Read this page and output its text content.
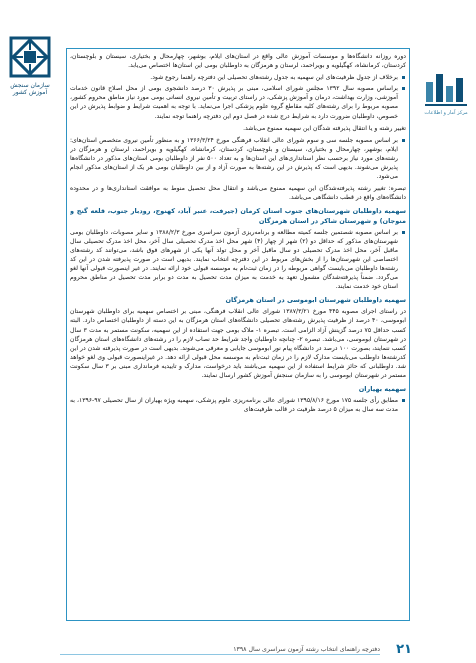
سازمان سنجش آموزش کشور
مرکز آمار و اطلاعات

دوره روزانه دانشگاه‌ها و موسسات آموزش عالی واقع در استان‌های ایلام، بوشهر، چهارمحال و بختیاری، سیستان و بلوچستان، کردستان، کرمانشاه، کهگیلویه و بویراحمد، لرستان و هرمزگان به داوطلبان بومی این استان‌ها اختصاص می‌یابد.

برخلاف از جدول ظرفیت‌های این سهمیه به جدول رشته‌های تحصیلی این دفترچه راهنما رجوع شود.
براساس مصوبه سال ۱۳۹۲ مجلس شورای اسلامی، مبنی بر پذیرش ۳۰ درصد دانشجوی بومی از محل اصلاح قانون خدمات آموزشی، وزارت بهداشت، درمان و آموزش پزشکی، در راستای تربیت و تأمین نیروی انسانی بومی مورد نیاز مناطق محروم کشور، مصوبه مربوط را برای رشته‌های کلیه مقاطع گروه علوم پزشکی اجرا می‌نماید. با توجه به اهمیت شرایط و ضوابط پذیرش در این خصوص، داوطلبان ضرورت دارد به شرایط درج شده در فصل دوم این دفترچه راهنما توجه نمایند.

تغییر رشته و یا انتقال پذیرفته شدگان این سهمیه ممنوع می‌باشد.

بر اساس مصوبه جلسه سی و سوم شورای عالی انقلاب فرهنگی مورخ ۱۳۶۶/۳/۲۴ و به منظور تأمین نیروی متخصص استان‌های: ایلام، بوشهر، چهارمحال و بختیاری، سیستان و بلوچستان، کردستان، کرمانشاه، کهگیلویه و بویراحمد، لرستان و هرمزگان در رشته‌های مورد نیاز برحسب نظر استانداری‌های این استان‌ها و به تعداد ۵۰۰ نفر از داوطلبان بومی استان‌های مذکور در دانشگاه‌ها پذیرش می‌شوند. بدیهی است که پذیرش در این رشته‌ها به صورت آزاد و از بین داوطلبان بومی هر یک از استان‌های مذکور انجام می‌شود.

تبصره: تغییر رشته پذیرفته‌شدگان این سهمیه ممنوع می‌باشد و انتقال محل تحصیل منوط به موافقت استانداری‌ها و در محدوده دانشگاه‌های واقع در قطب دانشگاهی می‌باشد.

سهمیه داوطلبان شهرستان‌های جنوب استان کرمان (جیرفت، عنبر آباد، کهنوج، رودبار جنوب، قلعه گنج و منوجان) و شهرستان شاکر در استان هرمزگان
بر اساس مصوبه شصتمین جلسه کمیته مطالعه و برنامه‌ریزی آزمون سراسری مورخ ۱۳۸۸/۲/۳ و سایر مصوبات، داوطلبان بومی شهرستان‌های مذکور که حداقل دو (۲) شهر از چهار (۴) شهر محل اخذ مدرک تحصیلی سال آخر، محل اخذ مدرک تحصیلی سال ماقبل آخر، محل اخذ مدرک تحصیلی دو سال ماقبل آخر و محل تولد آنها یکی از شهرهای فوق باشد، می‌توانند کد رشته‌های اختصاصی این شهرستان‌ها را از بخش‌های مربوط در این دفترچه انتخاب نمایند. بدیهی است در صورت پذیرفته شدن در این کد رشته‌ها داوطلبان می‌بایست گواهی مربوطه را در زمان ثبت‌نام به موسسه قبولی خود ارائه نمایند. در غیر اینصورت قبولی آنها لغو می‌گردد. ضمناً پذیرفته‌شدگان مشمول تعهد به خدمت به میزان مدت تحصیل به مدت دو برابر مدت تحصیل در مناطق محروم استان خود خدمت نمایند.
سهمیه داوطلبان شهرستان ابوموسی در استان هرمزگان

در راستای اجرای مصوبه ۴۴۵ مورخ ۱۳۸۷/۳/۲۱ شورای عالی انقلاب فرهنگی، مبنی بر اختصاص سهمیه برای داوطلبان شهرستان ابوموسی، ۴۰ درصد از ظرفیت پذیرش رشته‌های تحصیلی دانشگاه‌های استان هرمزگان به این دسته از داوطلبان اختصاص دارد. البته کسب حداقل ۷۵ درصد گزینش آزاد الزامی است. تبصره ۱- ملاک بومی جهت استفاده از این سهمیه، سکونت مستمر به مدت ۳ سال در شهرستان ابوموسی، می‌باشد. تبصره ۲- چنانچه داوطلبان واجد شرایط حد نصاب لازم را در رشته‌های دانشگاه‌های استان هرمزگان کسب ننمایند، بصورت ۱۰۰ درصد در دانشگاه پیام نور ابوموسی جایابی و معرفی می‌شوند. بدیهی است در صورت پذیرفته شدن در این کدرشته‌ها داوطلب می‌بایست مدارک لازم را در زمان ثبت‌نام به موسسه محل قبولی ارائه دهد. در غیراینصورت قبولی وی لغو خواهد شد. داوطلبانی که حائز شرایط استفاده از این سهمیه می‌باشند باید درخواست، مدارک و تاییدیه فرمانداری مبنی بر ۳ سال سکونت مستمر در شهرستان ابوموسی را به سازمان سنجش آموزش کشور ارسال نمایند.

سهمیه بهیاران
مطابق رأی جلسه ۱۷۵ مورخ ۱۳۹۵/۸/۱۶ شورای عالی برنامه‌ریزی علوم پزشکی، سهمیه ویژه بهیاران از سال تحصیلی ۹۷-۱۳۹۶، به مدت سه سال به میزان ۵ درصد ظرفیت در قالب ظرفیت‌های
دفترچه راهنمای انتخاب رشته آزمون سراسری سال ۱۳۹۸ ۲۱
